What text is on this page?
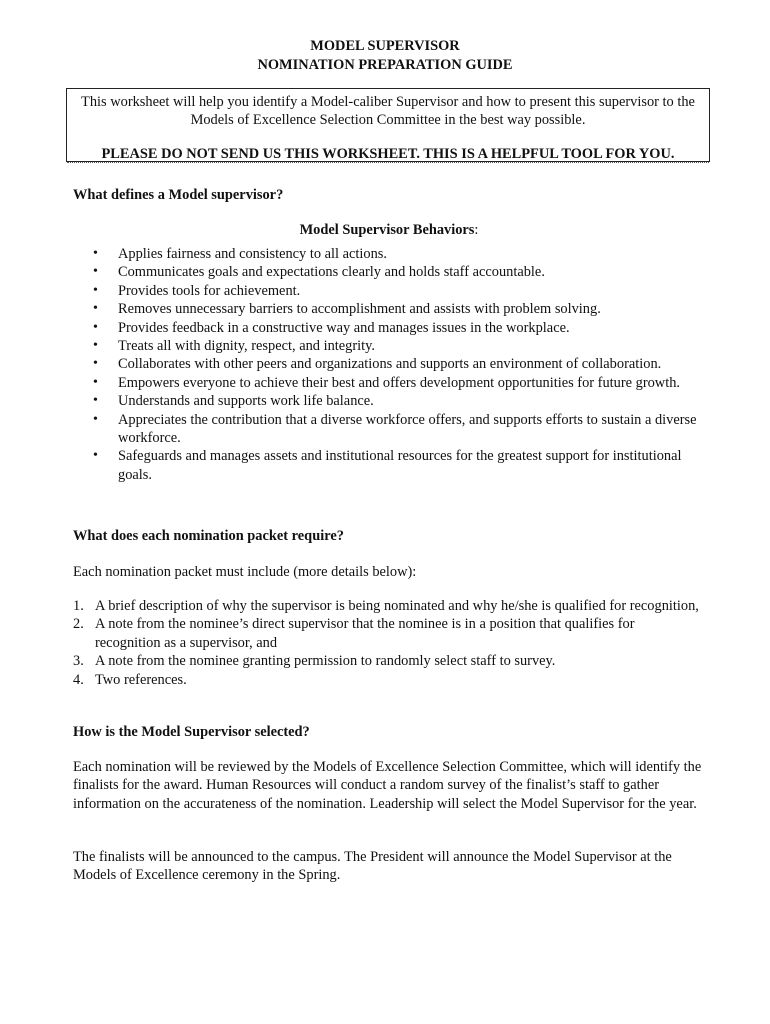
MODEL SUPERVISOR
NOMINATION PREPARATION GUIDE
This worksheet will help you identify a Model-caliber Supervisor and how to present this supervisor to the Models of Excellence Selection Committee in the best way possible.
PLEASE DO NOT SEND US THIS WORKSHEET. THIS IS A HELPFUL TOOL FOR YOU.
What defines a Model supervisor?
Model Supervisor Behaviors:
• Applies fairness and consistency to all actions.
• Communicates goals and expectations clearly and holds staff accountable.
• Provides tools for achievement.
• Removes unnecessary barriers to accomplishment and assists with problem solving.
• Provides feedback in a constructive way and manages issues in the workplace.
• Treats all with dignity, respect, and integrity.
• Collaborates with other peers and organizations and supports an environment of collaboration.
• Empowers everyone to achieve their best and offers development opportunities for future growth.
• Understands and supports work life balance.
• Appreciates the contribution that a diverse workforce offers, and supports efforts to sustain a diverse workforce.
• Safeguards and manages assets and institutional resources for the greatest support for institutional goals.
What does each nomination packet require?
Each nomination packet must include (more details below):
1. A brief description of why the supervisor is being nominated and why he/she is qualified for recognition,
2. A note from the nominee’s direct supervisor that the nominee is in a position that qualifies for recognition as a supervisor, and
3. A note from the nominee granting permission to randomly select staff to survey.
4. Two references.
How is the Model Supervisor selected?
Each nomination will be reviewed by the Models of Excellence Selection Committee, which will identify the finalists for the award. Human Resources will conduct a random survey of the finalist’s staff to gather information on the accurateness of the nomination. Leadership will select the Model Supervisor for the year.
The finalists will be announced to the campus. The President will announce the Model Supervisor at the Models of Excellence ceremony in the Spring.
